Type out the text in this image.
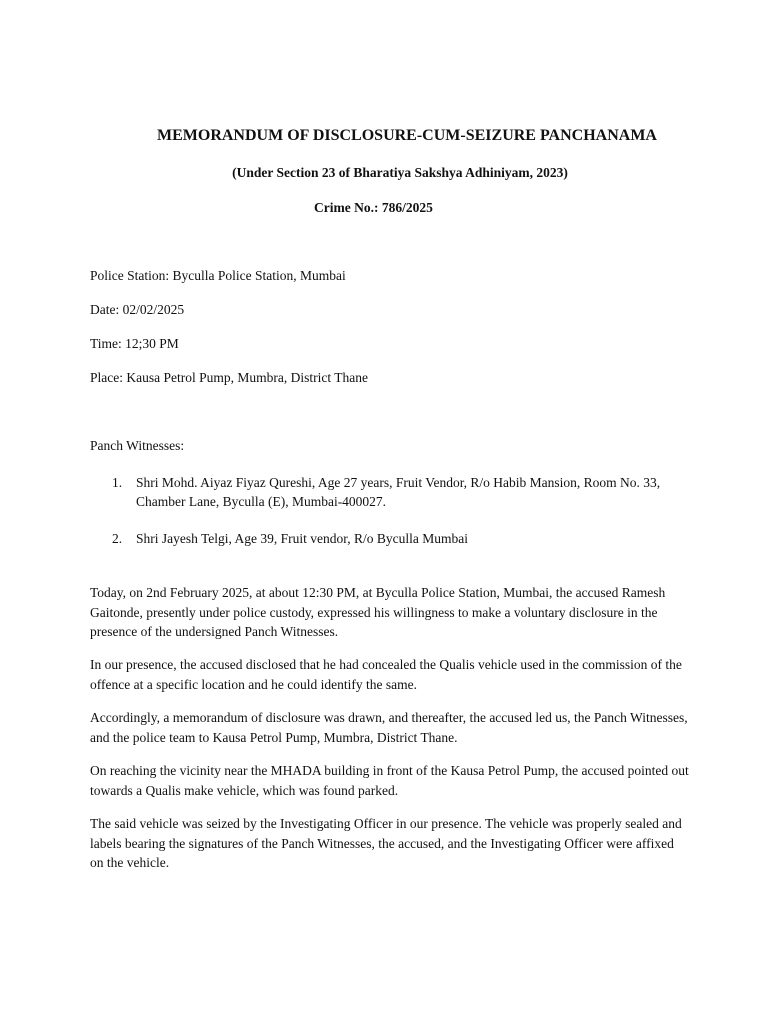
MEMORANDUM OF DISCLOSURE-CUM-SEIZURE PANCHANAMA
(Under Section 23 of Bharatiya Sakshya Adhiniyam, 2023)
Crime No.: 786/2025

Police Station: Byculla Police Station, Mumbai

Date: 02/02/2025

Time: 12;30 PM

Place: Kausa Petrol Pump, Mumbra, District Thane

Panch Witnesses:

1. Shri Mohd. Aiyaz Fiyaz Qureshi, Age 27 years, Fruit Vendor, R/o Habib Mansion, Room No. 33, Chamber Lane, Byculla (E), Mumbai-400027.
2. Shri Jayesh Telgi, Age 39, Fruit vendor, R/o Byculla Mumbai

Today, on 2nd February 2025, at about 12:30 PM, at Byculla Police Station, Mumbai, the accused Ramesh Gaitonde, presently under police custody, expressed his willingness to make a voluntary disclosure in the presence of the undersigned Panch Witnesses.

In our presence, the accused disclosed that he had concealed the Qualis vehicle used in the commission of the offence at a specific location and he could identify the same.

Accordingly, a memorandum of disclosure was drawn, and thereafter, the accused led us, the Panch Witnesses, and the police team to Kausa Petrol Pump, Mumbra, District Thane.

On reaching the vicinity near the MHADA building in front of the Kausa Petrol Pump, the accused pointed out towards a Qualis make vehicle, which was found parked.

The said vehicle was seized by the Investigating Officer in our presence. The vehicle was properly sealed and labels bearing the signatures of the Panch Witnesses, the accused, and the Investigating Officer were affixed on the vehicle.
